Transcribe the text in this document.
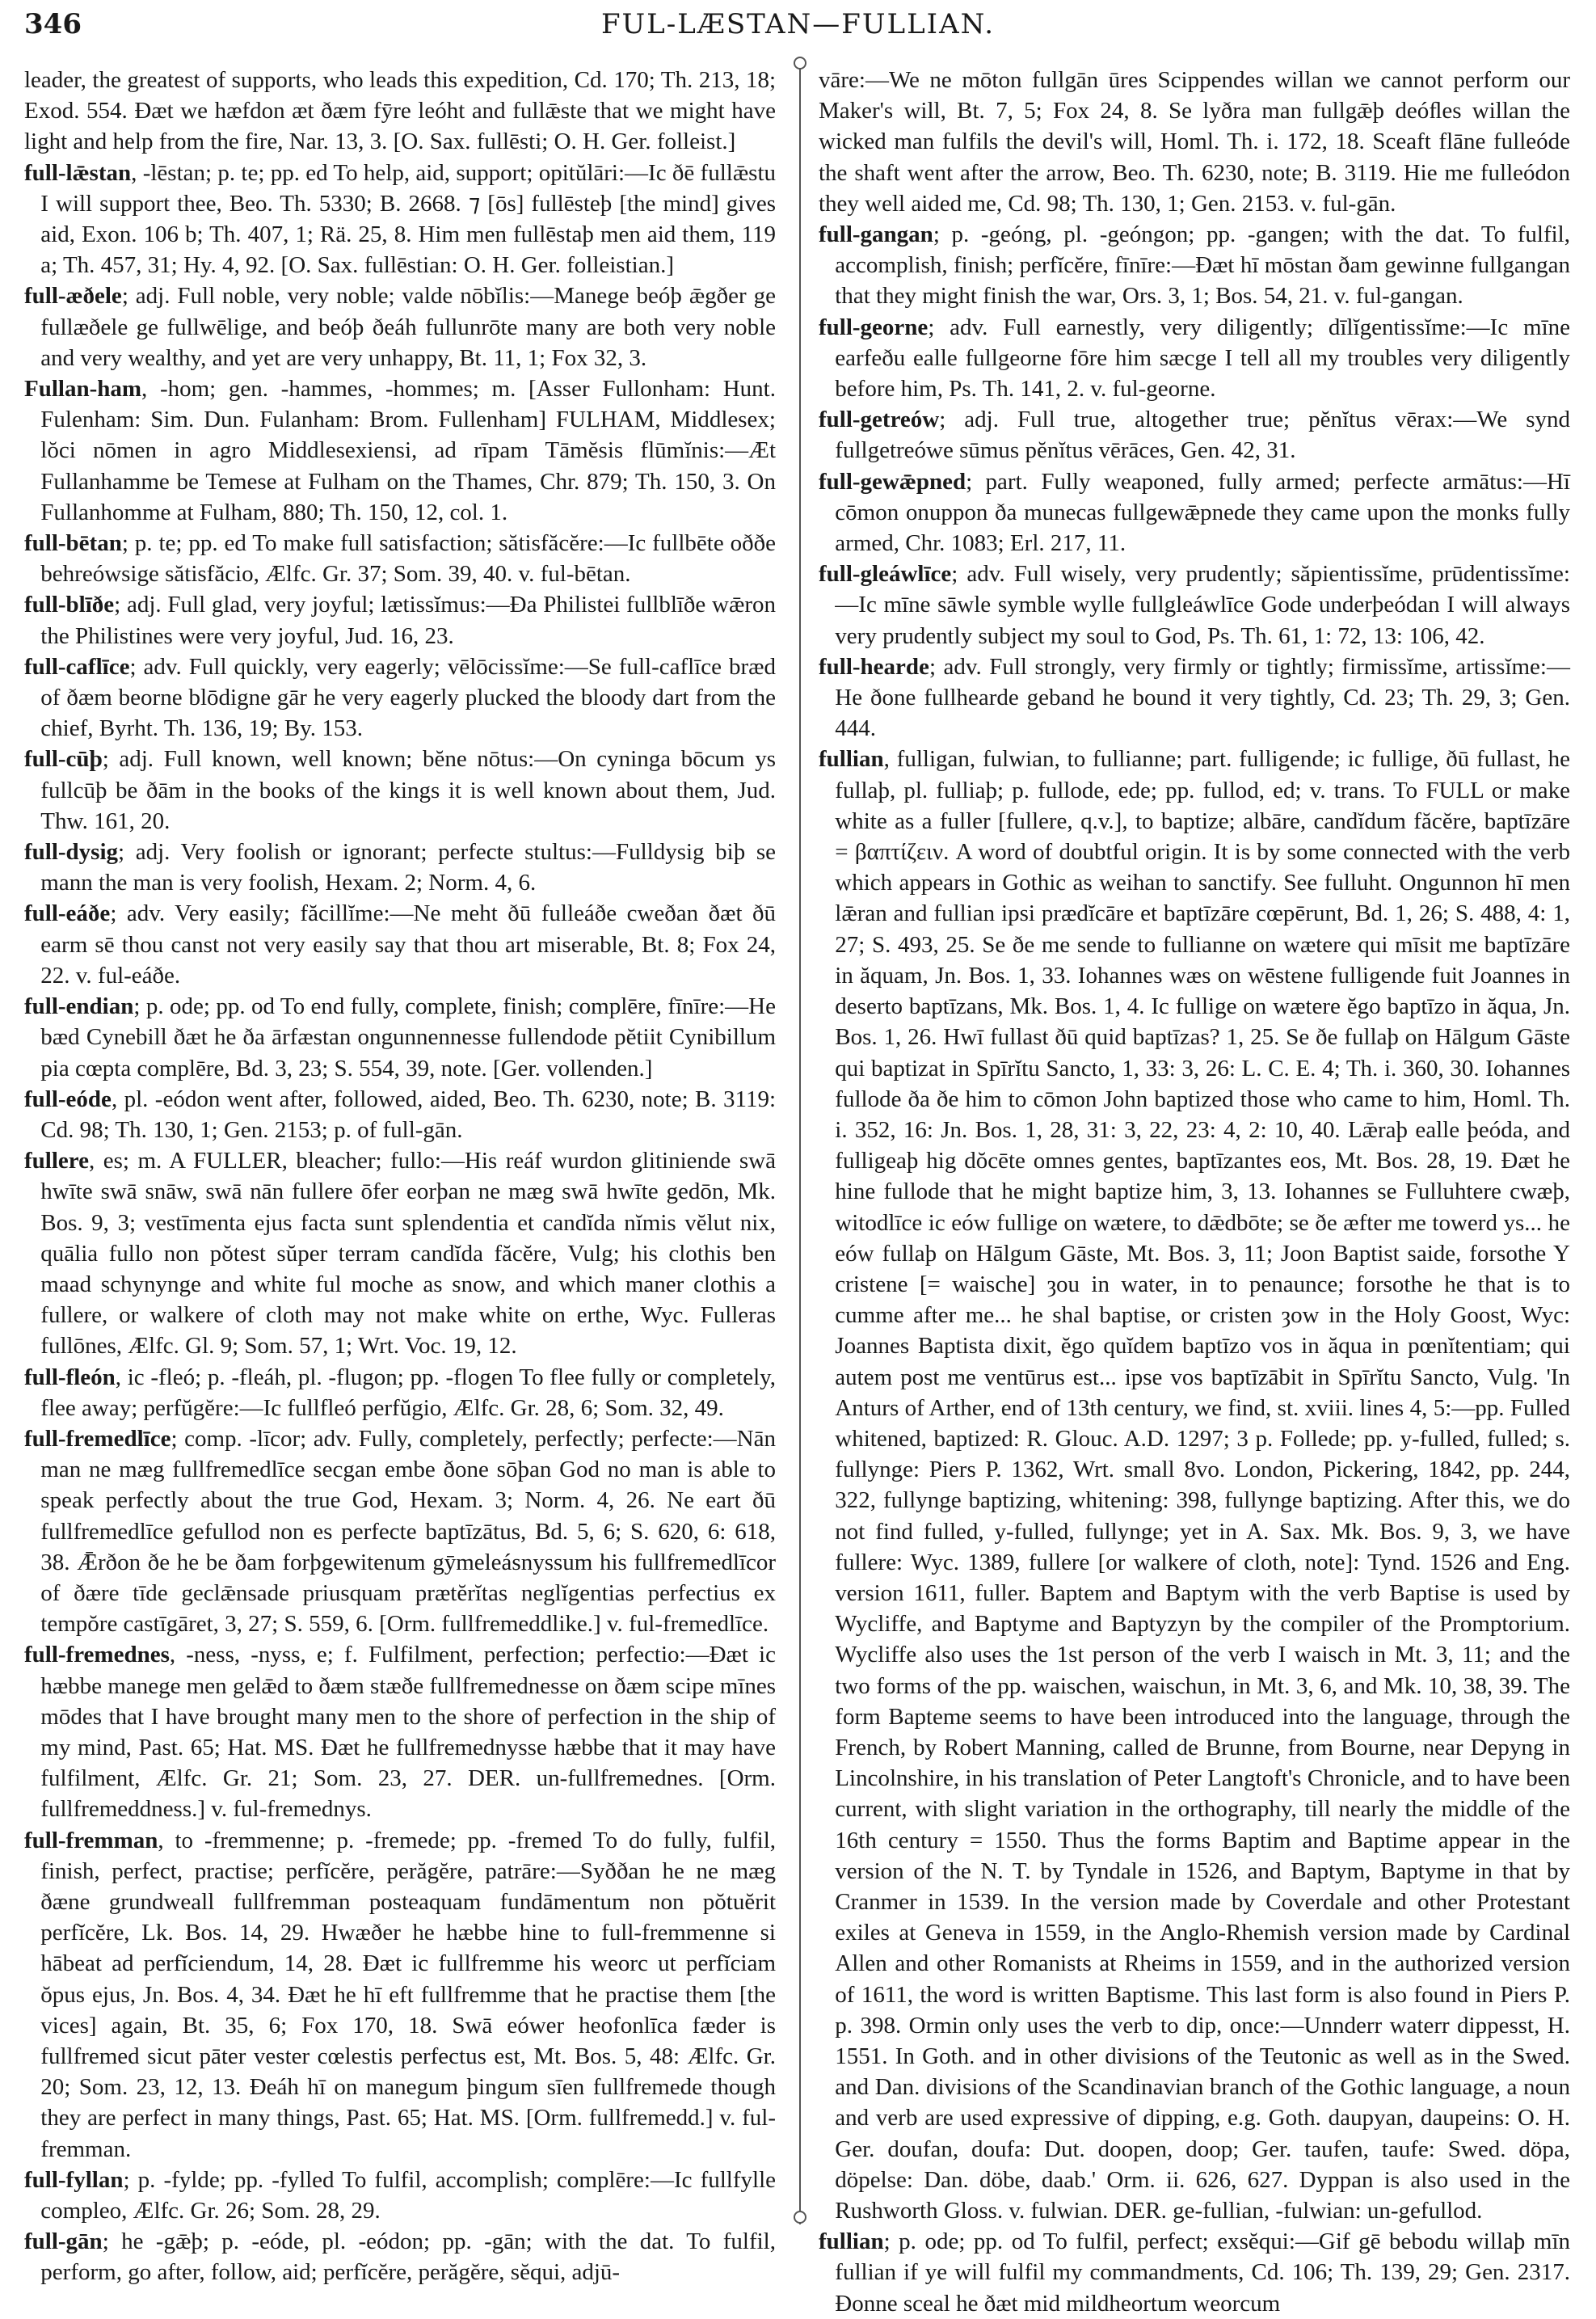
FUL-LÆSTAN—FULLIAN.
346

leader, the greatest of supports, who leads this expedition, Cd. 170; Th. 213, 18; Exod. 554. Ðæt we hæfdon æt ðæm fȳre leóht and fullǣste that we might have light and help from the fire, Nar. 13, 3. [O. Sax. fullēsti; O. H. Ger. folleist.]

full-lǣstan, -lēstan; p. te; pp. ed To help, aid, support; opitŭlāri:—Ic ðē fullǣstu I will support thee, Beo. Th. 5330; B. 2668. ⁊ [ōs] fullēsteþ [the mind] gives aid, Exon. 106 b; Th. 407, 1; Rä. 25, 8. Him men fullēstaþ men aid them, 119 a; Th. 457, 31; Hy. 4, 92. [O. Sax. fullēstian: O. H. Ger. folleistian.]

full-æðele; adj. Full noble, very noble; valde nōbĭlis:—Manege beóþ ǣgðer ge fullæðele ge fullwēlige, and beóþ ðeáh fullunrōte many are both very noble and very wealthy, and yet are very unhappy, Bt. 11, 1; Fox 32, 3.

Fullan-ham, -hom; gen. -hammes, -hommes; m. [Asser Fullonham: Hunt. Fulenham: Sim. Dun. Fulanham: Brom. Fullenham] FULHAM, Middlesex; lŏci nōmen in agro Middlesexiensi, ad rīpam Tāmĕsis flūmĭnis:—Æt Fullanhamme be Temese at Fulham on the Thames, Chr. 879; Th. 150, 3. On Fullanhomme at Fulham, 880; Th. 150, 12, col. 1.

full-bētan; p. te; pp. ed To make full satisfaction; sătisfăcĕre:—Ic fullbēte oððe behreówsige sătisfăcio, Ælfc. Gr. 37; Som. 39, 40. v. ful-bētan.

full-blīðe; adj. Full glad, very joyful; lætissĭmus:—Ða Philistei fullblīðe wǣron the Philistines were very joyful, Jud. 16, 23.

full-caflīce; adv. Full quickly, very eagerly; vēlōcissĭme:—Se full-caflīce bræd of ðæm beorne blōdigne gār he very eagerly plucked the bloody dart from the chief, Byrht. Th. 136, 19; By. 153.

full-cūþ; adj. Full known, well known; bĕne nōtus:—On cyninga bōcum ys fullcūþ be ðām in the books of the kings it is well known about them, Jud. Thw. 161, 20.

full-dysig; adj. Very foolish or ignorant; perfecte stultus:—Fulldysig biþ se mann the man is very foolish, Hexam. 2; Norm. 4, 6.

full-eáðe; adv. Very easily; făcillĭme:—Ne meht ðū fulleáðe cweðan ðæt ðū earm sē thou canst not very easily say that thou art miserable, Bt. 8; Fox 24, 22. v. ful-eáðe.

full-endian; p. ode; pp. od To end fully, complete, finish; complēre, fīnīre:—He bæd Cynebill ðæt he ða ārfæstan ongunnennesse fullendode pĕtiit Cynibillum pia cœpta complēre, Bd. 3, 23; S. 554, 39, note. [Ger. vollenden.]

full-eóde, pl. -eódon went after, followed, aided, Beo. Th. 6230, note; B. 3119: Cd. 98; Th. 130, 1; Gen. 2153; p. of full-gān.

fullere, es; m. A FULLER, bleacher; fullo:—His reáf wurdon glitiniende swā hwīte swā snāw, swā nān fullere ōfer eorþan ne mæg swā hwīte gedōn, Mk. Bos. 9, 3; vestīmenta ejus facta sunt splendentia et candĭda nĭmis vĕlut nix, quālia fullo non pŏtest sŭper terram candĭda făcĕre, Vulg; his clothis ben maad schynynge and white ful moche as snow, and which maner clothis a fullere, or walkere of cloth may not make white on erthe, Wyc. Fulleras fullōnes, Ælfc. Gl. 9; Som. 57, 1; Wrt. Voc. 19, 12.

full-fleón, ic -fleó; p. -fleáh, pl. -flugon; pp. -flogen To flee fully or completely, flee away; perfŭgĕre:—Ic fullfleó perfŭgio, Ælfc. Gr. 28, 6; Som. 32, 49.

full-fremedlīce; comp. -līcor; adv. Fully, completely, perfectly; perfecte:—Nān man ne mæg fullfremedlīce secgan embe ðone sōþan God no man is able to speak perfectly about the true God, Hexam. 3; Norm. 4, 26. Ne eart ðū fullfremedlīce gefullod non es perfecte baptīzātus, Bd. 5, 6; S. 620, 6: 618, 38. Ǣrðon ðe he be ðam forþgewitenum gȳmeleásnyssum his fullfremedlīcor of ðære tīde geclǣnsade priusquam prætĕrĭtas neglĭgentias perfectius ex tempŏre castīgāret, 3, 27; S. 559, 6. [Orm. fullfremeddlike.] v. ful-fremedlīce.

full-fremednes, -ness, -nyss, e; f. Fulfilment, perfection; perfectio:—Ðæt ic hæbbe manege men gelǣd to ðæm stæðe fullfremednesse on ðæm scipe mīnes mōdes that I have brought many men to the shore of perfection in the ship of my mind, Past. 65; Hat. MS. Ðæt he fullfremednysse hæbbe that it may have fulfilment, Ælfc. Gr. 21; Som. 23, 27. DER. un-fullfremednes. [Orm. fullfremeddness.] v. ful-fremednys.

full-fremman, to -fremmenne; p. -fremede; pp. -fremed To do fully, fulfil, finish, perfect, practise; perfĭcĕre, perăgĕre, patrāre:—Syððan he ne mæg ðæne grundweall fullfremman posteaquam fundāmentum non pŏtuĕrit perfĭcĕre, Lk. Bos. 14, 29. Hwæðer he hæbbe hine to full-fremmenne si hābeat ad perfĭciendum, 14, 28. Ðæt ic fullfremme his weorc ut perfĭciam ŏpus ejus, Jn. Bos. 4, 34. Ðæt he hī eft fullfremme that he practise them [the vices] again, Bt. 35, 6; Fox 170, 18. Swā eówer heofonlīca fæder is fullfremed sicut pāter vester cœlestis perfectus est, Mt. Bos. 5, 48: Ælfc. Gr. 20; Som. 23, 12, 13. Ðeáh hī on manegum þingum sīen fullfremede though they are perfect in many things, Past. 65; Hat. MS. [Orm. fullfremedd.] v. ful-fremman.

full-fyllan; p. -fylde; pp. -fylled To fulfil, accomplish; complēre:—Ic fullfylle compleo, Ælfc. Gr. 26; Som. 28, 29.

full-gān; he -gǣþ; p. -eóde, pl. -eódon; pp. -gān; with the dat. To fulfil, perform, go after, follow, aid; perfĭcĕre, perăgĕre, sĕqui, adjū-

vāre:—We ne mōton fullgān ūres Scippendes willan we cannot perform our Maker's will, Bt. 7, 5; Fox 24, 8. Se lyðra man fullgǣþ deóﬂes willan the wicked man fulfils the devil's will, Homl. Th. i. 172, 18. Sceaft flāne fulleóde the shaft went after the arrow, Beo. Th. 6230, note; B. 3119. Hie me fulleódon they well aided me, Cd. 98; Th. 130, 1; Gen. 2153. v. ful-gān.

full-gangan; p. -geóng, pl. -geóngon; pp. -gangen; with the dat. To fulfil, accomplish, finish; perfĭcĕre, fīnīre:—Ðæt hī mōstan ðam gewinne fullgangan that they might finish the war, Ors. 3, 1; Bos. 54, 21. v. ful-gangan.

full-georne; adv. Full earnestly, very diligently; dīlĭgentissĭme:—Ic mīne earfeðu ealle fullgeorne fōre him sæcge I tell all my troubles very diligently before him, Ps. Th. 141, 2. v. ful-georne.

full-getreów; adj. Full true, altogether true; pĕnĭtus vērax:—We synd fullgetreówe sūmus pĕnĭtus vērāces, Gen. 42, 31.

full-gewǣpned; part. Fully weaponed, fully armed; perfecte armātus:—Hī cōmon onuppon ða munecas fullgewǣpnede they came upon the monks fully armed, Chr. 1083; Erl. 217, 11.

full-gleáwlīce; adv. Full wisely, very prudently; săpientissĭme, prūdentissĭme:—Ic mīne sāwle symble wylle fullgleáwlīce Gode underþeódan I will always very prudently subject my soul to God, Ps. Th. 61, 1: 72, 13: 106, 42.

full-hearde; adv. Full strongly, very firmly or tightly; firmissĭme, artissĭme:—He ðone fullhearde geband he bound it very tightly, Cd. 23; Th. 29, 3; Gen. 444.

fullian, fulligan, fulwian, to fullianne; part. fulligende; ic fullige, ðū fullast, he fullaþ, pl. fulliaþ; p. fullode, ede; pp. fullod, ed; v. trans. To FULL or make white as a fuller [fullere, q.v.], to baptize; albāre, candĭdum făcĕre, baptīzāre = βαπτίζειν. A word of doubtful origin. It is by some connected with the verb which appears in Gothic as weihan to sanctify. See fulluht. Ongunnon hī men lǣran and fullian ipsi prædĭcāre et baptīzāre cœpērunt, Bd. 1, 26; S. 488, 4: 1, 27; S. 493, 25. Se ðe me sende to fullianne on wætere qui mīsit me baptīzāre in ăquam, Jn. Bos. 1, 33. Iohannes wæs on wēstene fulligende fuit Joannes in deserto baptīzans, Mk. Bos. 1, 4. Ic fullige on wætere ĕgo baptīzo in ăqua, Jn. Bos. 1, 26. Hwī fullast ðū quid baptīzas? 1, 25. Se ðe fullaþ on Hālgum Gāste qui baptizat in Spīrĭtu Sancto, 1, 33: 3, 26: L. C. E. 4; Th. i. 360, 30. Iohannes fullode ða ðe him to cōmon John baptized those who came to him, Homl. Th. i. 352, 16: Jn. Bos. 1, 28, 31: 3, 22, 23: 4, 2: 10, 40. Lǣraþ ealle þeóda, and fulligeaþ hig dŏcēte omnes gentes, baptīzantes eos, Mt. Bos. 28, 19. Ðæt he hine fullode that he might baptize him, 3, 13. Iohannes se Fulluhtere cwæþ, witodlīce ic eów fullige on wætere, to dǣdbōte; se ðe æfter me towerd ys... he eów fullaþ on Hālgum Gāste, Mt. Bos. 3, 11; Joon Baptist saide, forsothe Y cristene [= waische] ȝou in water, in to penaunce; forsothe he that is to cumme after me... he shal baptise, or cristen ȝow in the Holy Goost, Wyc: Joannes Baptista dixit, ĕgo quĭdem baptīzo vos in ăqua in pœnĭtentiam; qui autem post me ventūrus est... ipse vos baptīzābit in Spīrĭtu Sancto, Vulg. 'In Anturs of Arther, end of 13th century, we find, st. xviii. lines 4, 5:—pp. Fulled whitened, baptized: R. Glouc. A.D. 1297; 3 p. Follede; pp. y-fulled, fulled; s. fullynge: Piers P. 1362, Wrt. small 8vo. London, Pickering, 1842, pp. 244, 322, fullynge baptizing, whitening: 398, fullynge baptizing. After this, we do not find fulled, y-fulled, fullynge; yet in A. Sax. Mk. Bos. 9, 3, we have fullere: Wyc. 1389, fullere [or walkere of cloth, note]: Tynd. 1526 and Eng. version 1611, fuller. Baptem and Baptym with the verb Baptise is used by Wycliffe, and Baptyme and Baptyzyn by the compiler of the Promptorium. Wycliffe also uses the 1st person of the verb I waisch in Mt. 3, 11; and the two forms of the pp. waischen, waischun, in Mt. 3, 6, and Mk. 10, 38, 39. The form Bapteme seems to have been introduced into the language, through the French, by Robert Manning, called de Brunne, from Bourne, near Depyng in Lincolnshire, in his translation of Peter Langtoft's Chronicle, and to have been current, with slight variation in the orthography, till nearly the middle of the 16th century = 1550. Thus the forms Baptim and Baptime appear in the version of the N. T. by Tyndale in 1526, and Baptym, Baptyme in that by Cranmer in 1539. In the version made by Coverdale and other Protestant exiles at Geneva in 1559, in the Anglo-Rhemish version made by Cardinal Allen and other Romanists at Rheims in 1559, and in the authorized version of 1611, the word is written Baptisme. This last form is also found in Piers P. p. 398. Ormin only uses the verb to dip, once:—Unnderr waterr dippesst, H. 1551. In Goth. and in other divisions of the Teutonic as well as in the Swed. and Dan. divisions of the Scandinavian branch of the Gothic language, a noun and verb are used expressive of dipping, e.g. Goth. daupyan, daupeins: O. H. Ger. doufan, doufa: Dut. doopen, doop; Ger. taufen, taufe: Swed. döpa, döpelse: Dan. döbe, daab.' Orm. ii. 626, 627. Dyppan is also used in the Rushworth Gloss. v. fulwian. DER. ge-fullian, -fulwian: un-gefullod.

fullian; p. ode; pp. od To fulfil, perfect; exsĕqui:—Gif gē bebodu willaþ mīn fullian if ye will fulfil my commandments, Cd. 106; Th. 139, 29; Gen. 2317. Ðonne sceal he ðæt mid mildheortum weorcum
